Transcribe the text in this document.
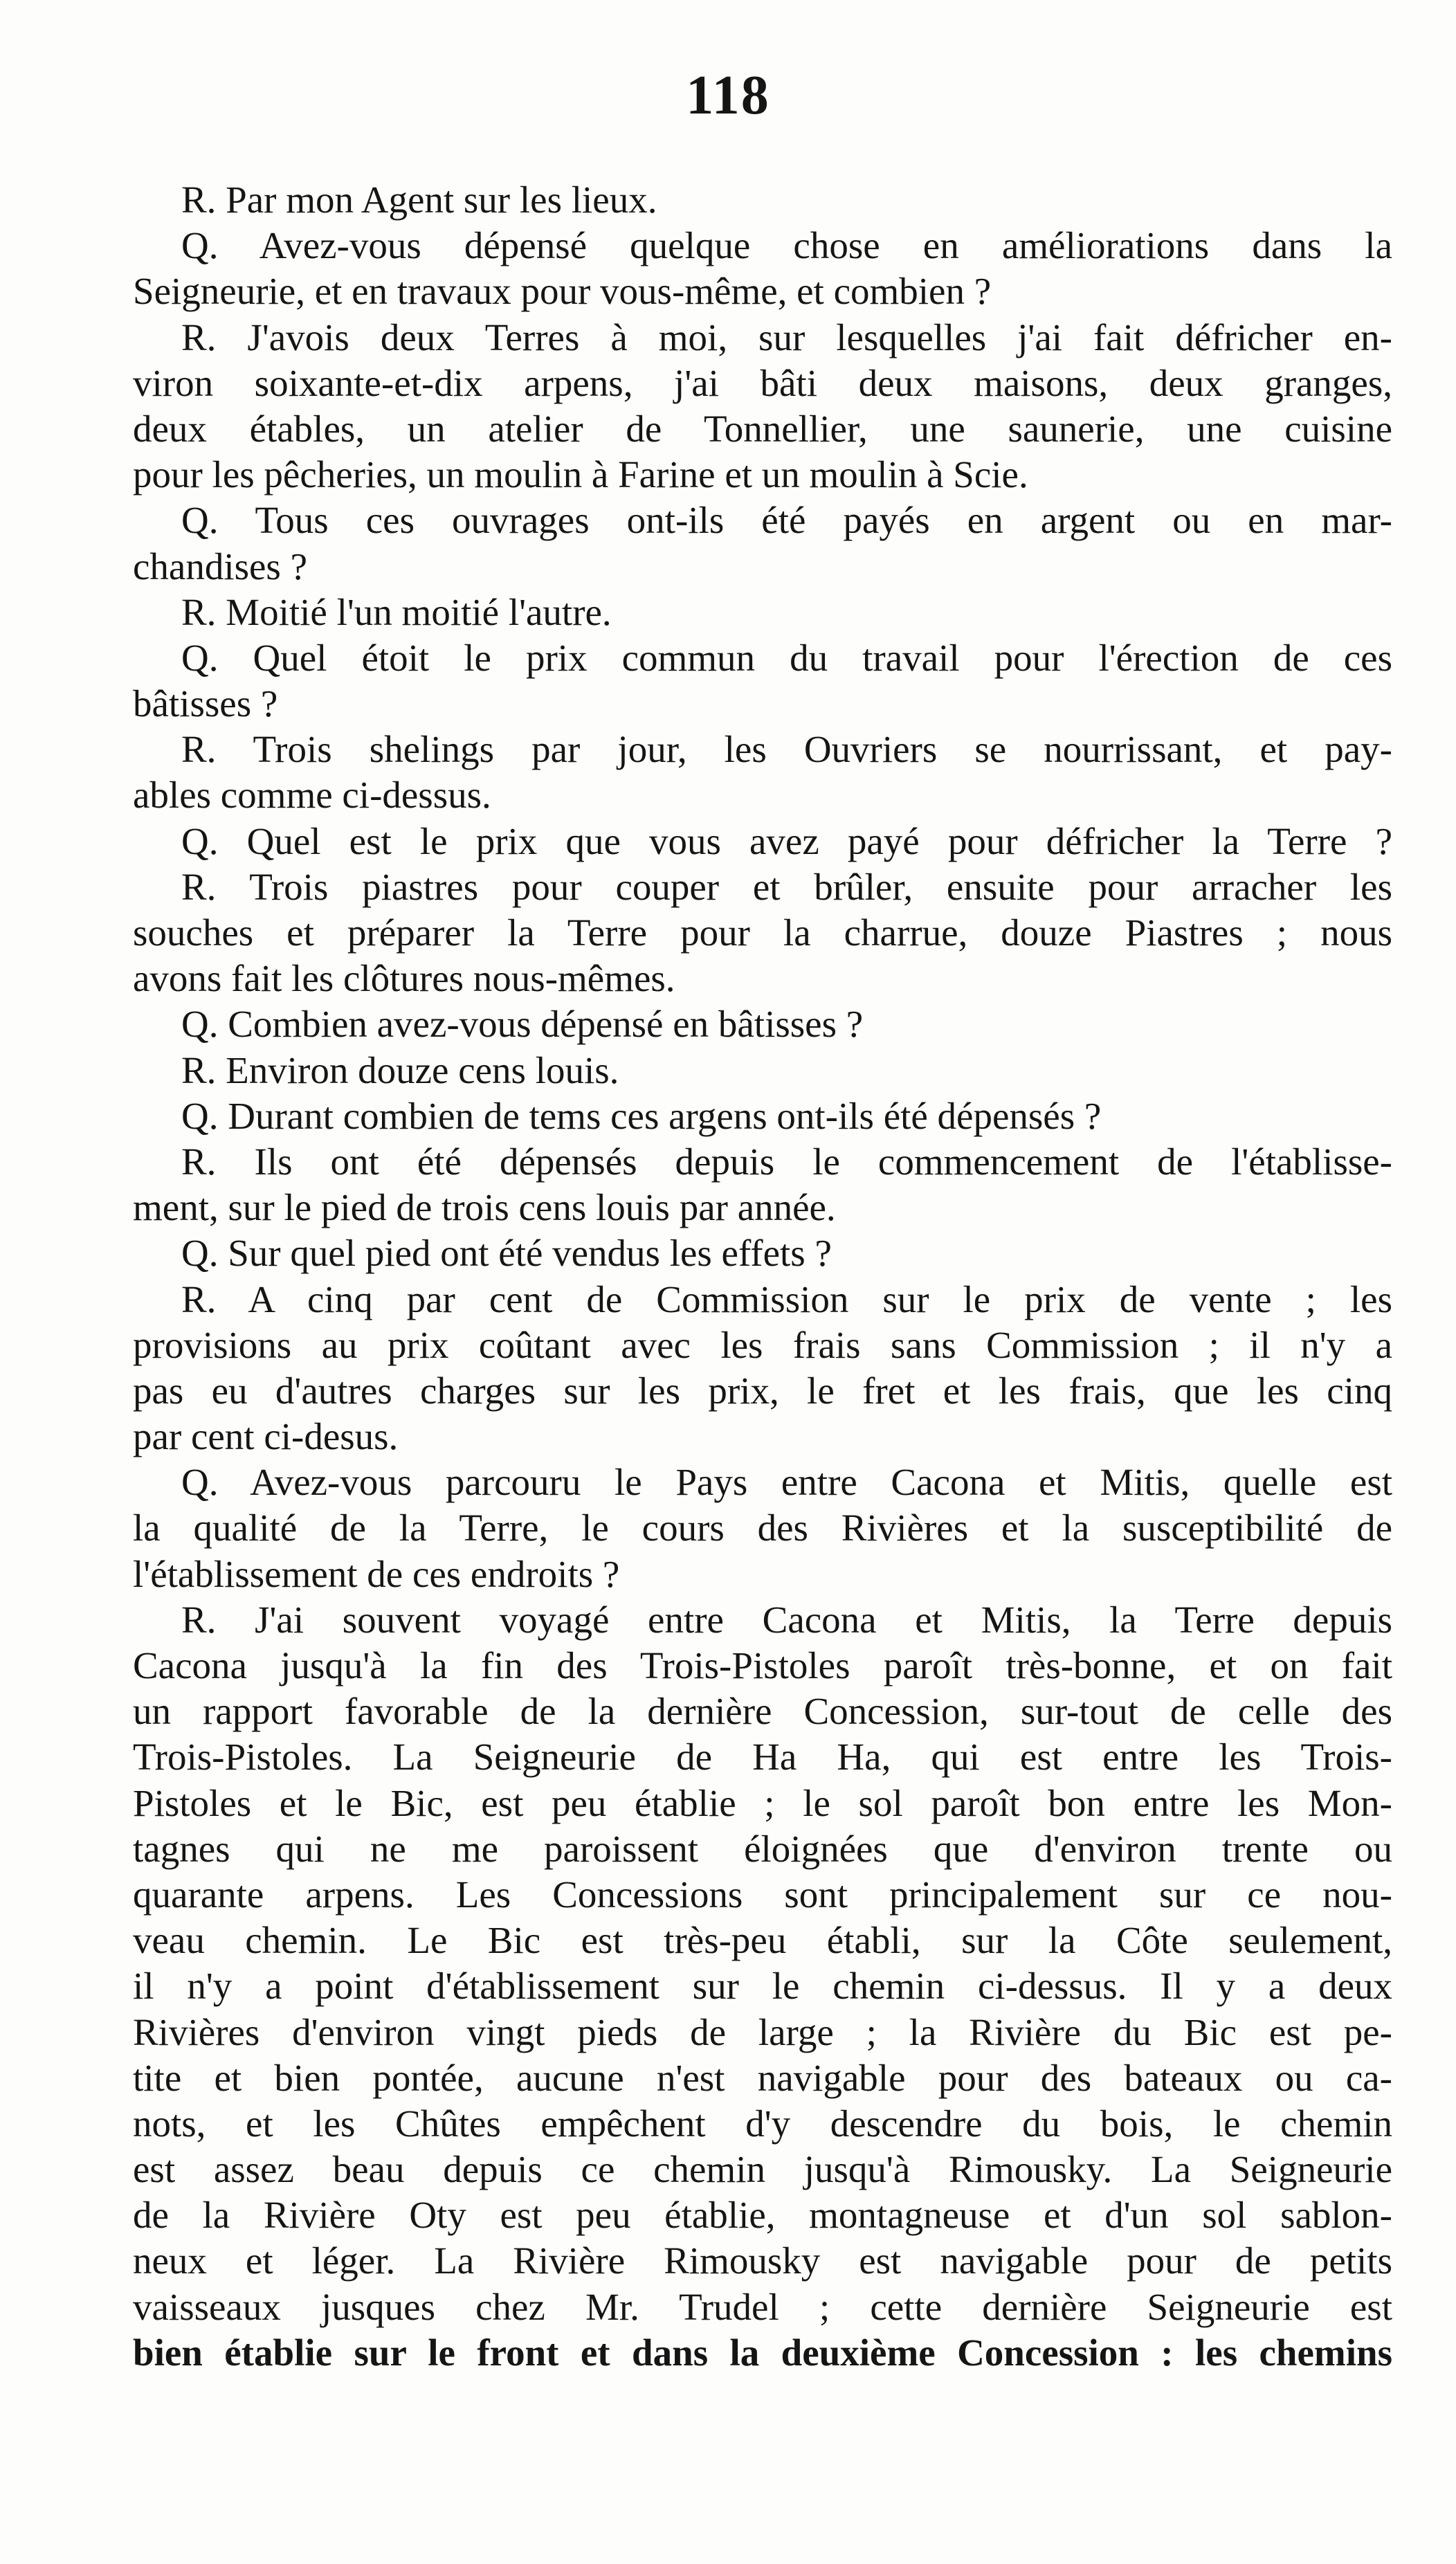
118
R. Par mon Agent sur les lieux.
Q. Avez-vous dépensé quelque chose en améliorations dans la
Seigneurie, et en travaux pour vous-même, et combien ?
R. J'avois deux Terres à moi, sur lesquelles j'ai fait défricher en-
viron soixante-et-dix arpens, j'ai bâti deux maisons, deux granges,
deux étables, un atelier de Tonnellier, une saunerie, une cuisine
pour les pêcheries, un moulin à Farine et un moulin à Scie.
Q. Tous ces ouvrages ont-ils été payés en argent ou en mar-
chandises ?
R. Moitié l'un moitié l'autre.
Q. Quel étoit le prix commun du travail pour l'érection de ces
bâtisses ?
R. Trois shelings par jour, les Ouvriers se nourrissant, et pay-
ables comme ci-dessus.
Q. Quel est le prix que vous avez payé pour défricher la Terre ?
R. Trois piastres pour couper et brûler, ensuite pour arracher les
souches et préparer la Terre pour la charrue, douze Piastres ; nous
avons fait les clôtures nous-mêmes.
Q. Combien avez-vous dépensé en bâtisses ?
R. Environ douze cens louis.
Q. Durant combien de tems ces argens ont-ils été dépensés ?
R. Ils ont été dépensés depuis le commencement de l'établisse-
ment, sur le pied de trois cens louis par année.
Q. Sur quel pied ont été vendus les effets ?
R. A cinq par cent de Commission sur le prix de vente ; les
provisions au prix coûtant avec les frais sans Commission ; il n'y a
pas eu d'autres charges sur les prix, le fret et les frais, que les cinq
par cent ci-desus.
Q. Avez-vous parcouru le Pays entre Cacona et Mitis, quelle est
la qualité de la Terre, le cours des Rivières et la susceptibilité de
l'établissement de ces endroits ?
R. J'ai souvent voyagé entre Cacona et Mitis, la Terre depuis
Cacona jusqu'à la fin des Trois-Pistoles paroît très-bonne, et on fait
un rapport favorable de la dernière Concession, sur-tout de celle des
Trois-Pistoles. La Seigneurie de Ha Ha, qui est entre les Trois-
Pistoles et le Bic, est peu établie ; le sol paroît bon entre les Mon-
tagnes qui ne me paroissent éloignées que d'environ trente ou
quarante arpens. Les Concessions sont principalement sur ce nou-
veau chemin. Le Bic est très-peu établi, sur la Côte seulement,
il n'y a point d'établissement sur le chemin ci-dessus. Il y a deux
Rivières d'environ vingt pieds de large ; la Rivière du Bic est pe-
tite et bien pontée, aucune n'est navigable pour des bateaux ou ca-
nots, et les Chûtes empêchent d'y descendre du bois, le chemin
est assez beau depuis ce chemin jusqu'à Rimousky. La Seigneurie
de la Rivière Oty est peu établie, montagneuse et d'un sol sablon-
neux et léger. La Rivière Rimousky est navigable pour de petits
vaisseaux jusques chez Mr. Trudel ; cette dernière Seigneurie est
bien établie sur le front et dans la deuxième Concession : les chemins
